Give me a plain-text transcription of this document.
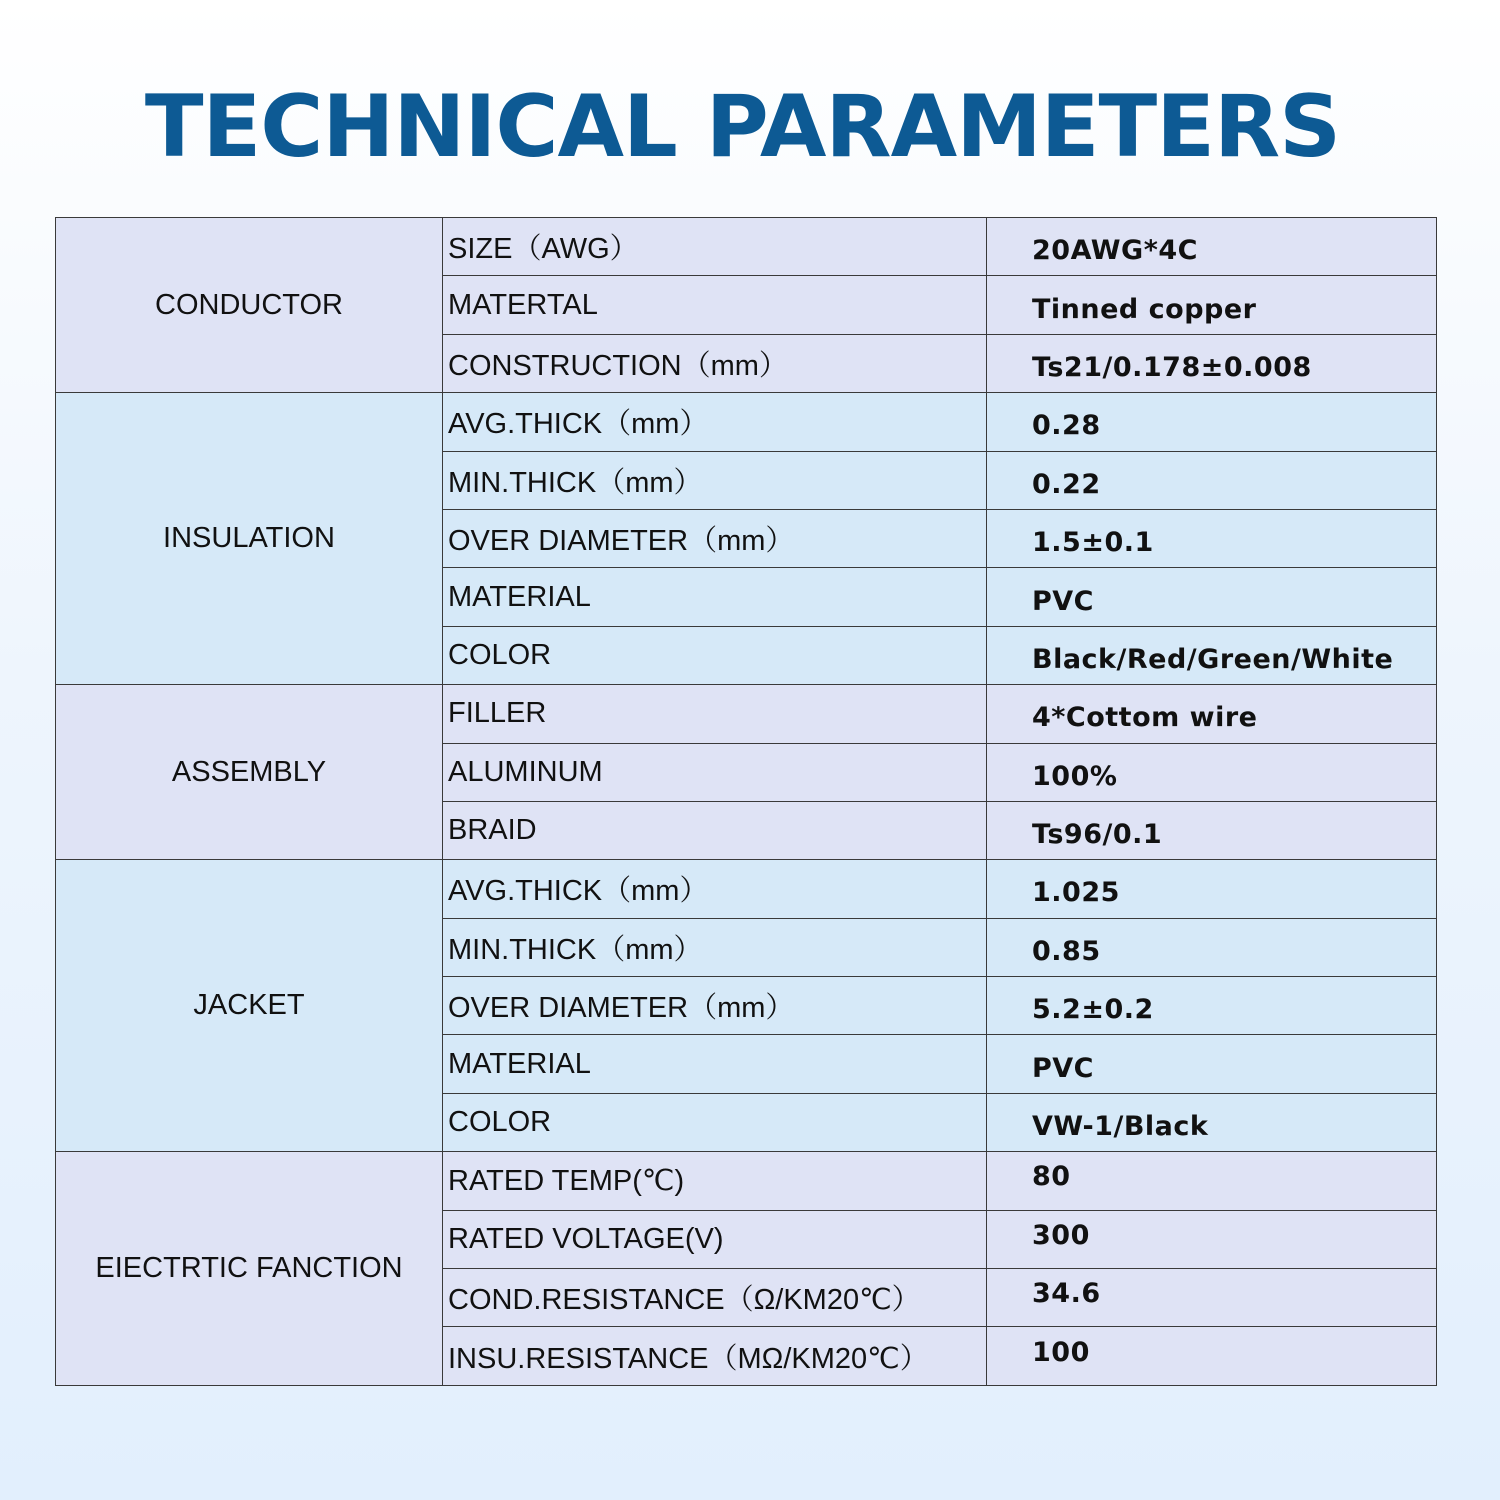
TECHNICAL PARAMETERS
CONDUCTOR	SIZE（AWG）	20AWG*4C
	MATERTAL	Tinned copper
	CONSTRUCTION（mm）	Ts21/0.178±0.008
INSULATION	AVG.THICK（mm）	0.28
	MIN.THICK（mm）	0.22
	OVER DIAMETER（mm）	1.5±0.1
	MATERIAL	PVC
	COLOR	Black/Red/Green/White
ASSEMBLY	FILLER	4*Cottom wire
	ALUMINUM	100%
	BRAID	Ts96/0.1
JACKET	AVG.THICK（mm）	1.025
	MIN.THICK（mm）	0.85
	OVER DIAMETER（mm）	5.2±0.2
	MATERIAL	PVC
	COLOR	VW-1/Black
EIECTRTIC FANCTION	RATED TEMP(℃)	80
	RATED VOLTAGE(V)	300
	COND.RESISTANCE（Ω/KM20℃）	34.6
	INSU.RESISTANCE（MΩ/KM20℃）	100
